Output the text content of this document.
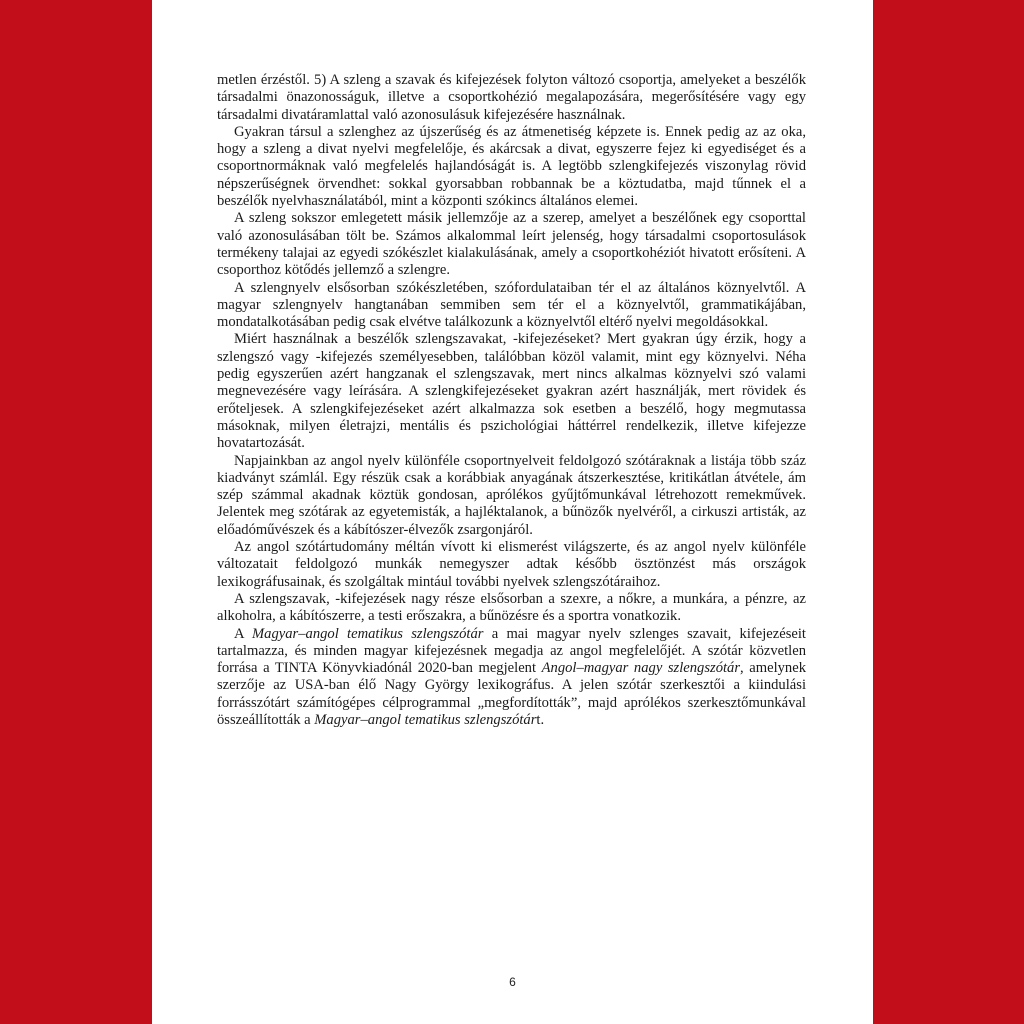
metlen érzéstől. 5) A szleng a szavak és kifejezések folyton változó csoportja, amelyeket a beszélők társadalmi önazonosságuk, illetve a csoportkohézió megalapozására, megerősítésére vagy egy társadalmi divatáramlattal való azonosulásuk kifejezésére használnak.

Gyakran társul a szlenghez az újszerűség és az átmenetiség képzete is. Ennek pedig az az oka, hogy a szleng a divat nyelvi megfelelője, és akárcsak a divat, egyszerre fejez ki egyediséget és a csoportnormáknak való megfelelés hajlandóságát is. A legtöbb szlengkifejezés viszonylag rövid népszerűségnek örvendhet: sokkal gyorsabban robbannak be a köztudatba, majd tűnnek el a beszélők nyelvhasználatából, mint a központi szókincs általános elemei.

A szleng sokszor emlegetett másik jellemzője az a szerep, amelyet a beszélőnek egy csoporttal való azonosulásában tölt be. Számos alkalommal leírt jelenség, hogy társadalmi csoportosulások termékeny talajai az egyedi szókészlet kialakulásának, amely a csoportkohéziót hivatott erősíteni. A csoporthoz kötődés jellemző a szlengre.

A szlengnyelv elsősorban szókészletében, szófordulataiban tér el az általános köznyelvtől. A magyar szlengnyelv hangtanában semmiben sem tér el a köznyelvtől, grammatikájában, mondatalkotásában pedig csak elvétve találkozunk a köznyelvtől eltérő nyelvi megoldásokkal.

Miért használnak a beszélők szlengszavakat, -kifejezéseket? Mert gyakran úgy érzik, hogy a szlengszó vagy -kifejezés személyesebben, találóbban közöl valamit, mint egy köznyelvi. Néha pedig egyszerűen azért hangzanak el szlengszavak, mert nincs alkalmas köznyelvi szó valami megnevezésére vagy leírására. A szlengkifejezéseket gyakran azért használják, mert rövidek és erőteljesek. A szlengkifejezéseket azért alkalmazza sok esetben a beszélő, hogy megmutassa másoknak, milyen életrajzi, mentális és pszichológiai háttérrel rendelkezik, illetve kifejezze hovatartozását.

Napjainkban az angol nyelv különféle csoportnyelveit feldolgozó szótáraknak a listája több száz kiadványt számlál. Egy részük csak a korábbiak anyagának átszerkesztése, kritikátlan átvétele, ám szép számmal akadnak köztük gondosan, aprólékos gyűjtőmunkával létrehozott remekművek. Jelentek meg szótárak az egyetemisták, a hajléktalanok, a bűnözők nyelvéről, a cirkuszi artisták, az előadóművészek és a kábítószer-élvezők zsargonjáról.

Az angol szótártudomány méltán vívott ki elismerést világszerte, és az angol nyelv különféle változatait feldolgozó munkák nemegyszer adtak később ösztönzést más országok lexikográfusainak, és szolgáltak mintául további nyelvek szlengszótáraihoz.

A szlengszavak, -kifejezések nagy része elsősorban a szexre, a nőkre, a munkára, a pénzre, az alkoholra, a kábítószerre, a testi erőszakra, a bűnözésre és a sportra vonatkozik.

A Magyar–angol tematikus szlengszótár a mai magyar nyelv szlenges szavait, kifejezéseit tartalmazza, és minden magyar kifejezésnek megadja az angol megfelelőjét. A szótár közvetlen forrása a TINTA Könyvkiadónál 2020-ban megjelent Angol–magyar nagy szlengszótár, amelynek szerzője az USA-ban élő Nagy György lexikográfus. A jelen szótár szerkesztői a kiindulási forrásszótárt számítógépes célprogrammal „megfordították”, majd aprólékos szerkesztőmunkával összeállították a Magyar–angol tematikus szlengszótárt.

6
